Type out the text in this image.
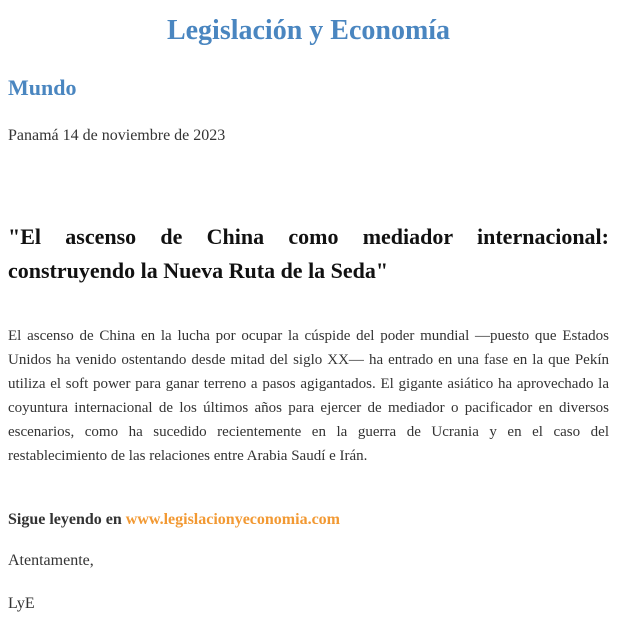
Legislación y Economía
Mundo
Panamá 14 de noviembre de 2023
"El ascenso de China como mediador internacional: construyendo la Nueva Ruta de la Seda"
El ascenso de China en la lucha por ocupar la cúspide del poder mundial —puesto que Estados Unidos ha venido ostentando desde mitad del siglo XX— ha entrado en una fase en la que Pekín utiliza el soft power para ganar terreno a pasos agigantados. El gigante asiático ha aprovechado la coyuntura internacional de los últimos años para ejercer de mediador o pacificador en diversos escenarios, como ha sucedido recientemente en la guerra de Ucrania y en el caso del restablecimiento de las relaciones entre Arabia Saudí e Irán.
Sigue leyendo en www.legislacionyeconomia.com
Atentamente,
LyE
